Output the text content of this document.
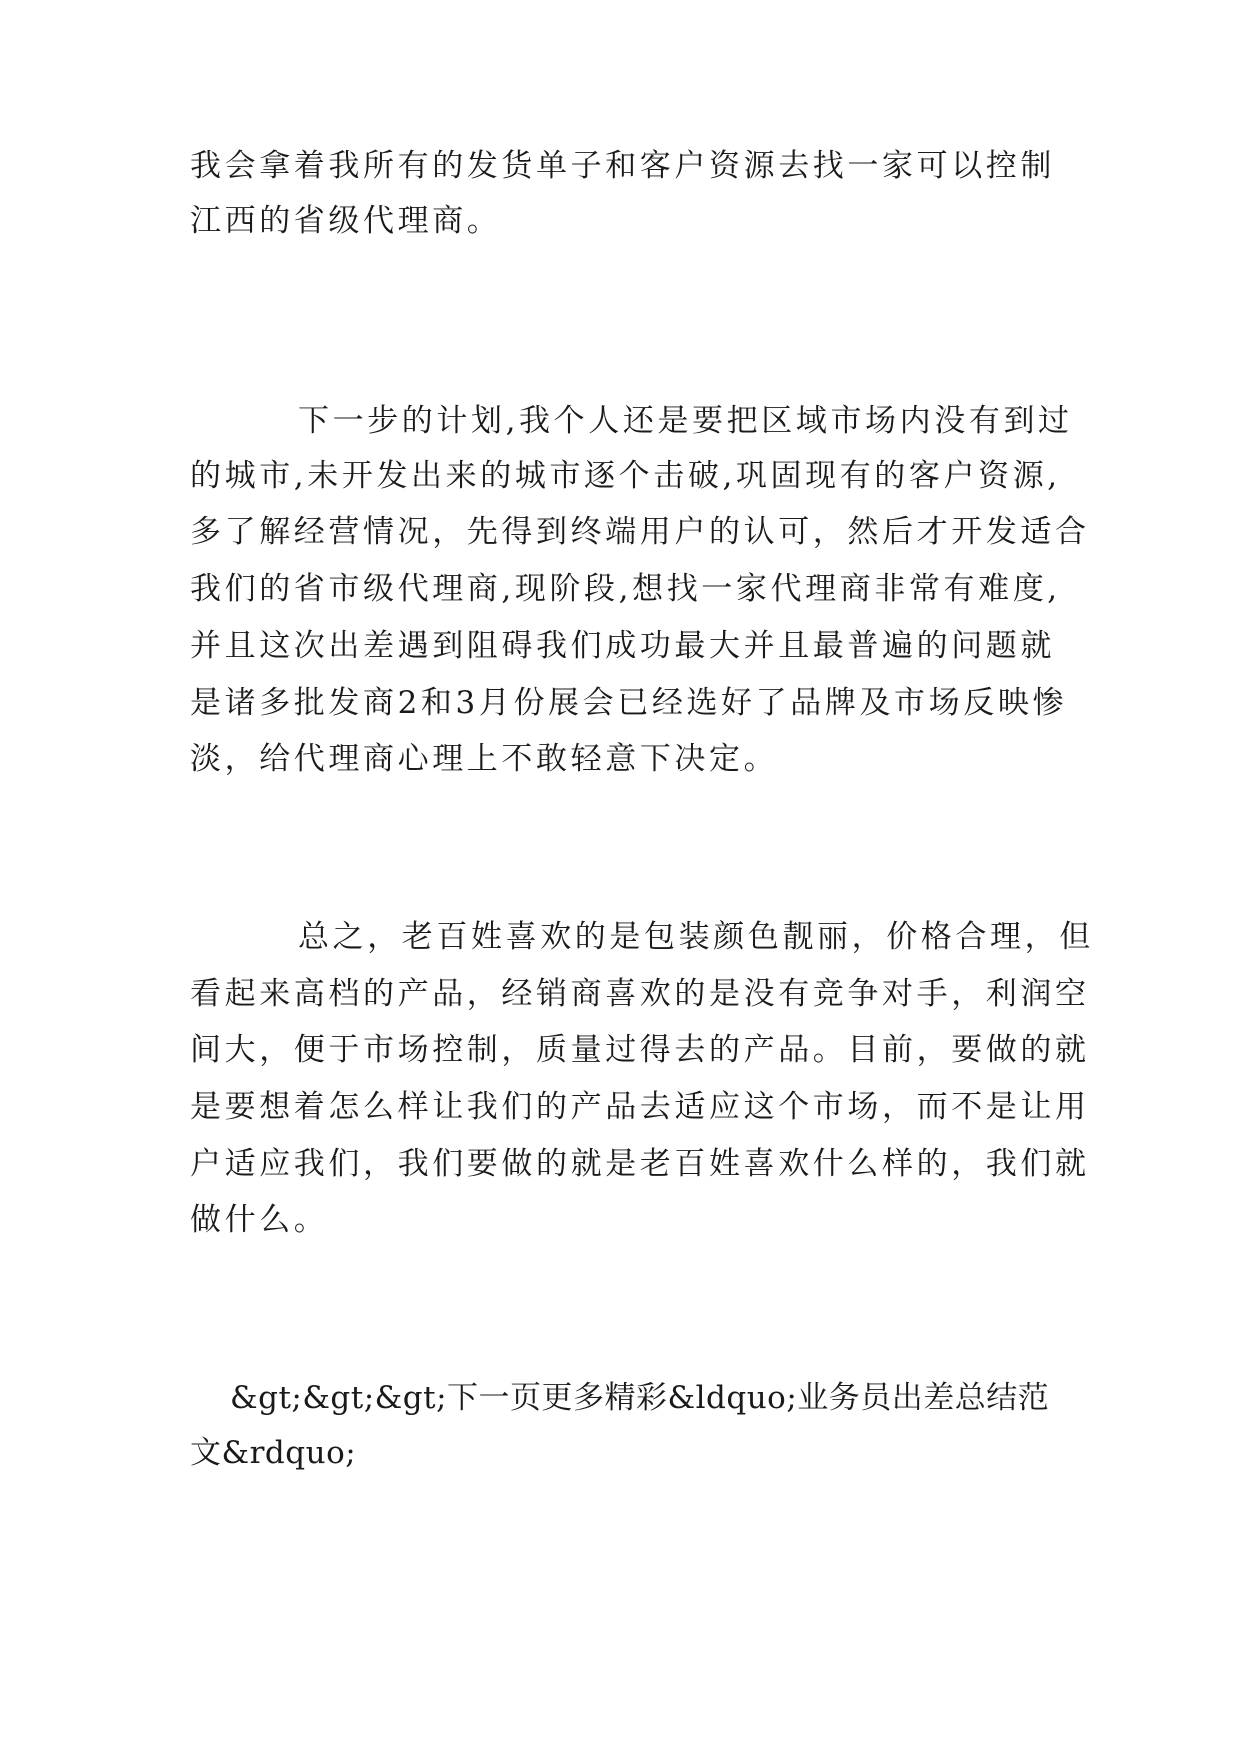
我会拿着我所有的发货单子和客户资源去找一家可以控制
江西的省级代理商。
下一步的计划,我个人还是要把区域市场内没有到过
的城市,未开发出来的城市逐个击破,巩固现有的客户资源,
多了解经营情况，先得到终端用户的认可，然后才开发适合
我们的省市级代理商,现阶段,想找一家代理商非常有难度,
并且这次出差遇到阻碍我们成功最大并且最普遍的问题就
是诸多批发商2和3月份展会已经选好了品牌及市场反映惨
淡，给代理商心理上不敢轻意下决定。
总之，老百姓喜欢的是包装颜色靓丽，价格合理，但
看起来高档的产品，经销商喜欢的是没有竞争对手，利润空
间大，便于市场控制，质量过得去的产品。目前，要做的就
是要想着怎么样让我们的产品去适应这个市场，而不是让用
户适应我们，我们要做的就是老百姓喜欢什么样的，我们就
做什么。
&gt;&gt;&gt;下一页更多精彩&ldquo;业务员出差总结范
文&rdquo;
